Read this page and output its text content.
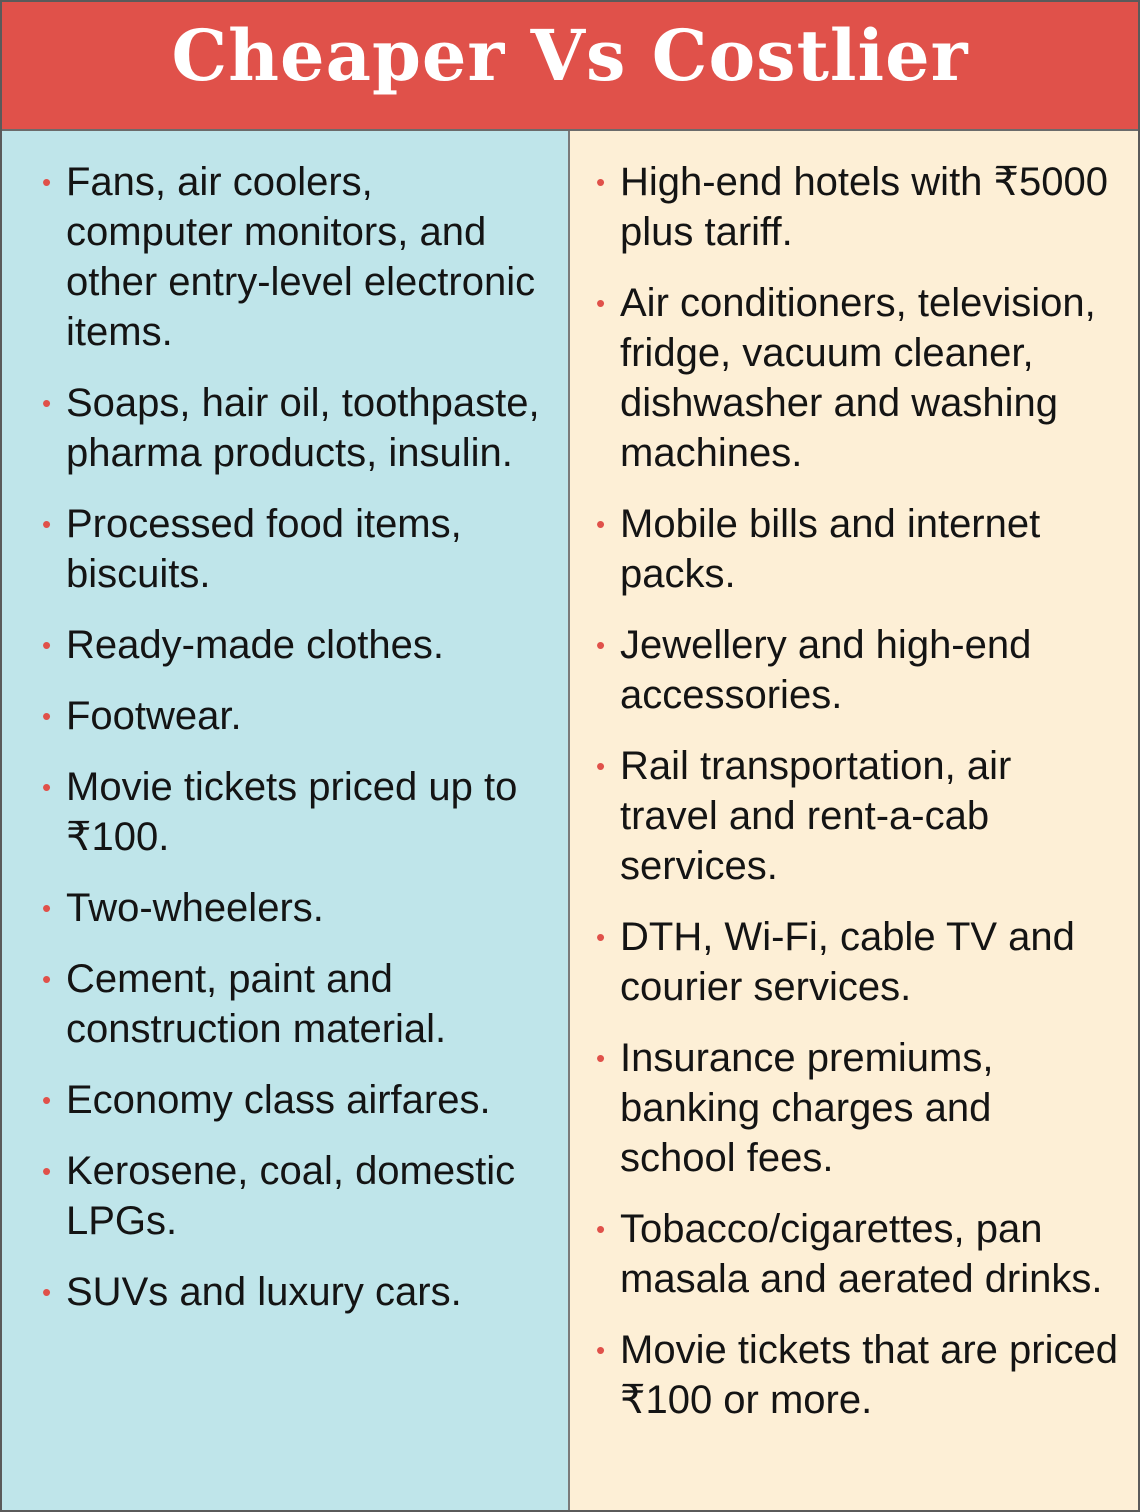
Cheaper Vs Costlier
• Fans, air coolers, computer monitors, and other entry-level electronic items.
• Soaps, hair oil, toothpaste, pharma products, insulin.
• Processed food items, biscuits.
• Ready-made clothes.
• Footwear.
• Movie tickets priced up to ₹100.
• Two-wheelers.
• Cement, paint and construction material.
• Economy class airfares.
• Kerosene, coal, domestic LPGs.
• SUVs and luxury cars.
• High-end hotels with ₹5000 plus tariff.
• Air conditioners, television, fridge, vacuum cleaner, dishwasher and washing machines.
• Mobile bills and internet packs.
• Jewellery and high-end accessories.
• Rail transportation, air travel and rent-a-cab services.
• DTH, Wi-Fi, cable TV and courier services.
• Insurance premiums, banking charges and school fees.
• Tobacco/cigarettes, pan masala and aerated drinks.
• Movie tickets that are priced ₹100 or more.
